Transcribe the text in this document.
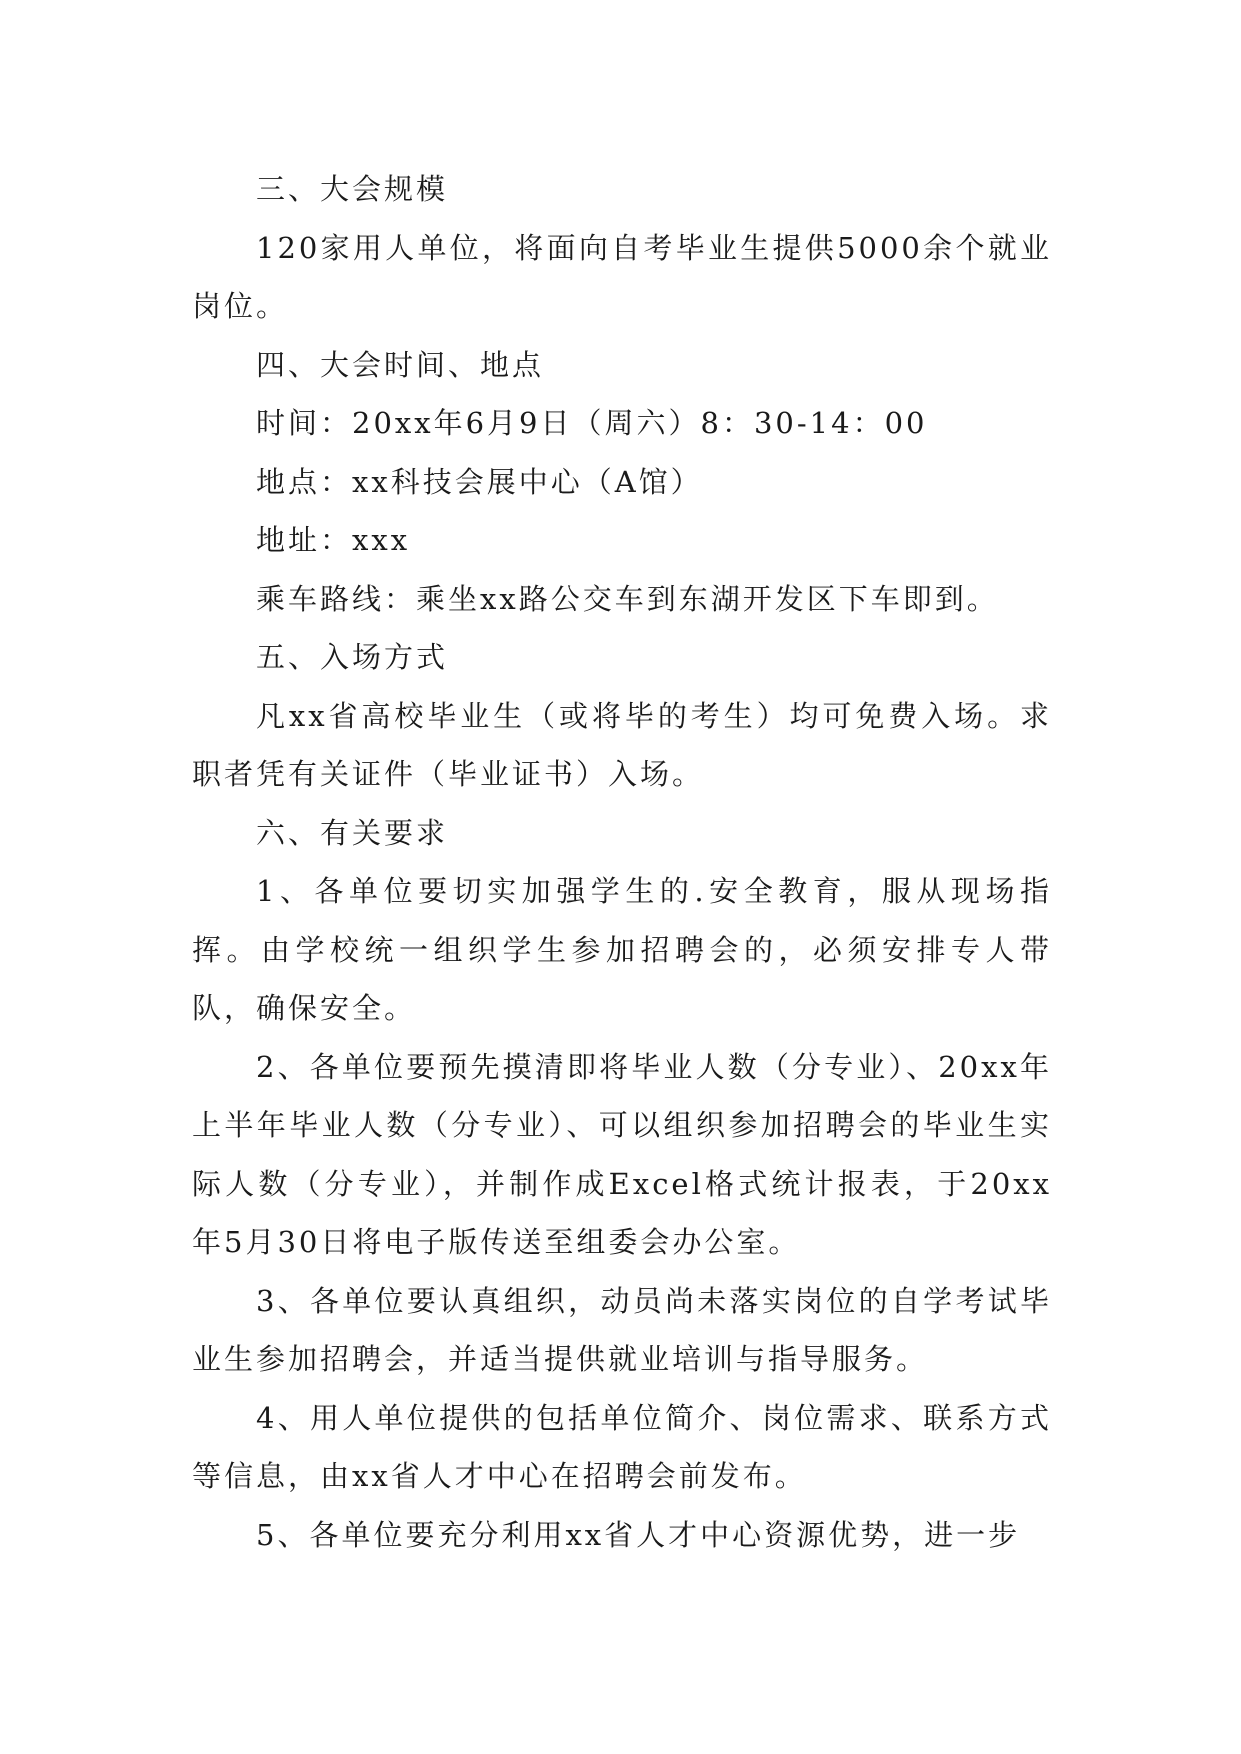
三、大会规模

120家用人单位，将面向自考毕业生提供5000余个就业岗位。

四、大会时间、地点

时间：20xx年6月9日（周六）8：30-14：00

地点：xx科技会展中心（A馆）

地址：xxx

乘车路线：乘坐xx路公交车到东湖开发区下车即到。

五、入场方式

凡xx省高校毕业生（或将毕的考生）均可免费入场。求职者凭有关证件（毕业证书）入场。

六、有关要求

1、各单位要切实加强学生的.安全教育，服从现场指挥。由学校统一组织学生参加招聘会的，必须安排专人带队，确保安全。

2、各单位要预先摸清即将毕业人数（分专业）、20xx年上半年毕业人数（分专业）、可以组织参加招聘会的毕业生实际人数（分专业），并制作成Excel格式统计报表，于20xx年5月30日将电子版传送至组委会办公室。

3、各单位要认真组织，动员尚未落实岗位的自学考试毕业生参加招聘会，并适当提供就业培训与指导服务。

4、用人单位提供的包括单位简介、岗位需求、联系方式等信息，由xx省人才中心在招聘会前发布。

5、各单位要充分利用xx省人才中心资源优势，进一步
